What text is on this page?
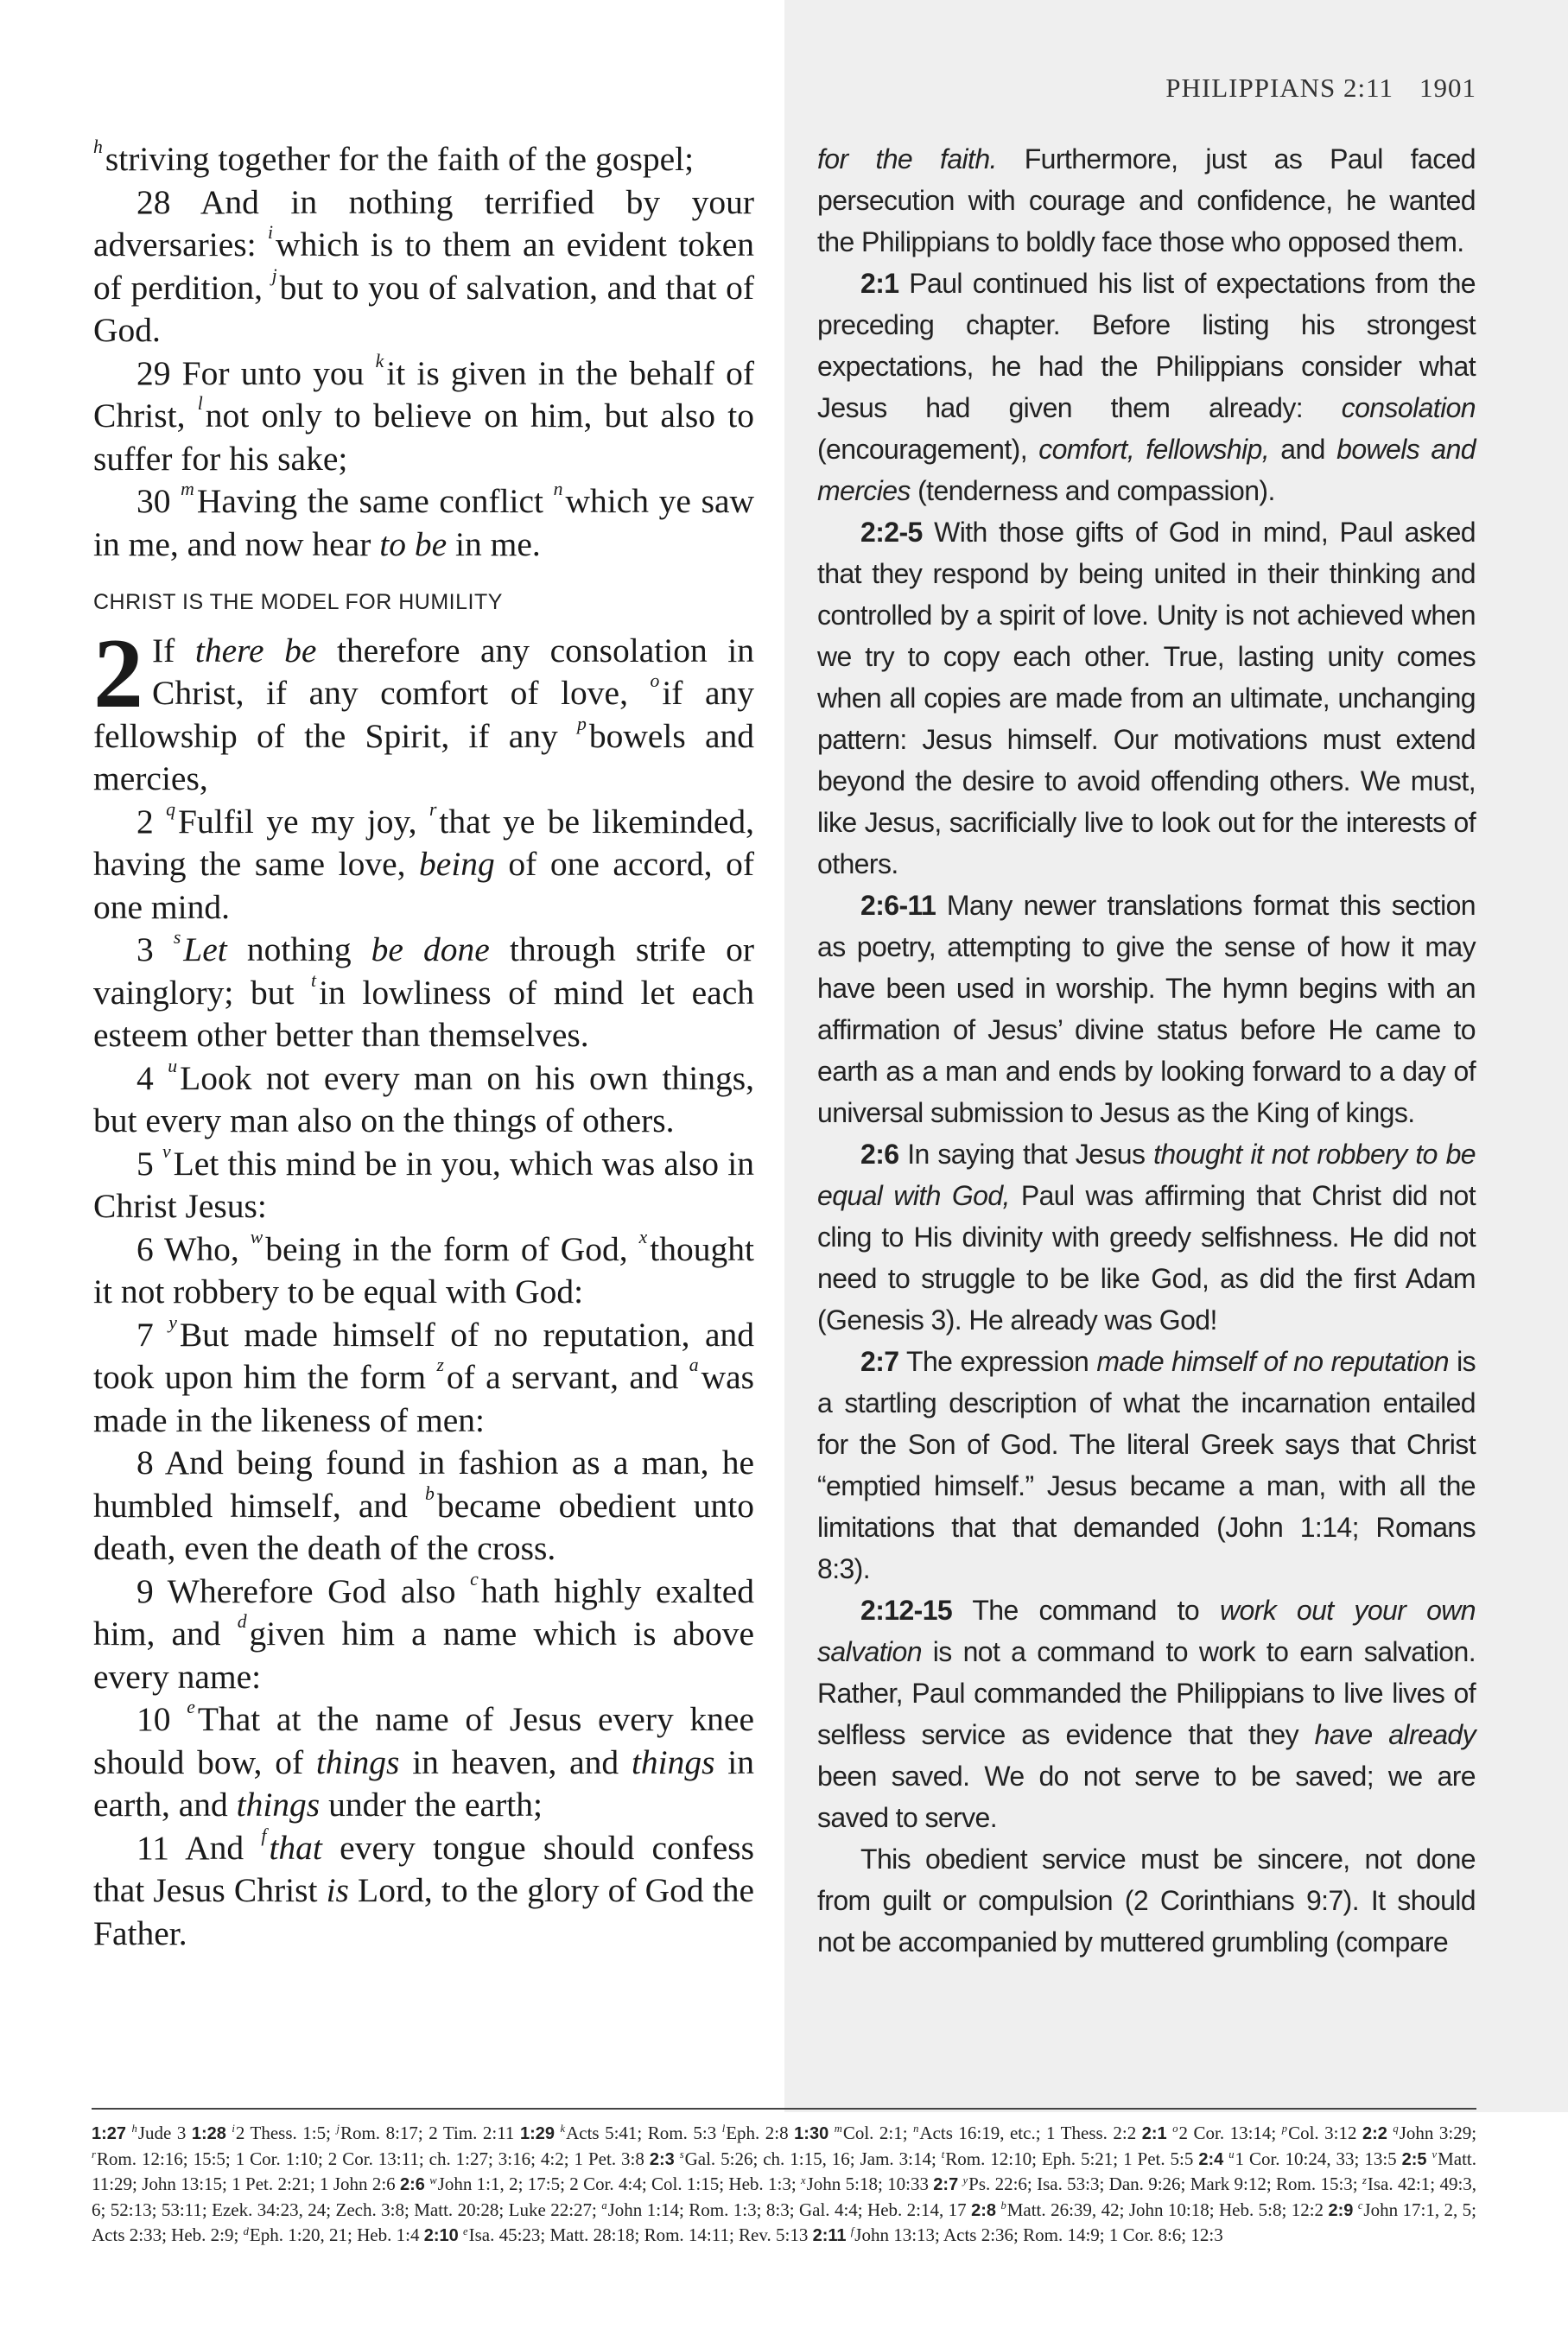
PHILIPPIANS 2:11 1901

$^h$striving together for the faith of the gospel;

28 And in nothing terrified by your adversaries: $^i$which is to them an evident token of perdition, $^j$but to you of salvation, and that of God.

29 For unto you $^k$it is given in the behalf of Christ, $^l$not only to believe on him, but also to suffer for his sake;

30 $^m$Having the same conflict $^n$which ye saw in me, and now hear to be in me.

CHRIST IS THE MODEL FOR HUMILITY

2 If there be therefore any consolation in Christ, if any comfort of love, $^o$if any fellowship of the Spirit, if any $^p$bowels and mercies,

2 $^q$Fulfil ye my joy, $^r$that ye be likeminded, having the same love, being of one accord, of one mind.

3 $^s$Let nothing be done through strife or vainglory; but $^t$in lowliness of mind let each esteem other better than themselves.

4 $^u$Look not every man on his own things, but every man also on the things of others.

5 $^v$Let this mind be in you, which was also in Christ Jesus:

6 Who, $^w$being in the form of God, $^x$thought it not robbery to be equal with God:

7 $^y$But made himself of no reputation, and took upon him the form $^z$of a servant, and $^a$was made in the likeness of men:

8 And being found in fashion as a man, he humbled himself, and $^b$became obedient unto death, even the death of the cross.

9 Wherefore God also $^c$hath highly exalted him, and $^d$given him a name which is above every name:

10 $^e$That at the name of Jesus every knee should bow, of things in heaven, and things in earth, and things under the earth;

11 And $^f$that every tongue should confess that Jesus Christ is Lord, to the glory of God the Father.

for the faith. Furthermore, just as Paul faced persecution with courage and confidence, he wanted the Philippians to boldly face those who opposed them.

2:1 Paul continued his list of expectations from the preceding chapter. Before listing his strongest expectations, he had the Philippians consider what Jesus had given them already: consolation (encouragement), comfort, fellowship, and bowels and mercies (tenderness and compassion).

2:2-5 With those gifts of God in mind, Paul asked that they respond by being united in their thinking and controlled by a spirit of love. Unity is not achieved when we try to copy each other. True, lasting unity comes when all copies are made from an ultimate, unchanging pattern: Jesus himself. Our motivations must extend beyond the desire to avoid offending others. We must, like Jesus, sacrificially live to look out for the interests of others.

2:6-11 Many newer translations format this section as poetry, attempting to give the sense of how it may have been used in worship. The hymn begins with an affirmation of Jesus’ divine status before He came to earth as a man and ends by looking forward to a day of universal submission to Jesus as the King of kings.

2:6 In saying that Jesus thought it not robbery to be equal with God, Paul was affirming that Christ did not cling to His divinity with greedy selfishness. He did not need to struggle to be like God, as did the first Adam (Genesis 3). He already was God!

2:7 The expression made himself of no reputation is a startling description of what the incarnation entailed for the Son of God. The literal Greek says that Christ “emptied himself.” Jesus became a man, with all the limitations that that demanded (John 1:14; Romans 8:3).

2:12-15 The command to work out your own salvation is not a command to work to earn salvation. Rather, Paul commanded the Philippians to live lives of selfless service as evidence that they have already been saved. We do not serve to be saved; we are saved to serve.

This obedient service must be sincere, not done from guilt or compulsion (2 Corinthians 9:7). It should not be accompanied by muttered grumbling (compare

1:27 $^h$Jude 3 1:28 $^i$2 Thess. 1:5; $^j$Rom. 8:17; 2 Tim. 2:11 1:29 $^k$Acts 5:41; Rom. 5:3 $^l$Eph. 2:8 1:30 $^m$Col. 2:1; $^n$Acts 16:19, etc.; 1 Thess. 2:2 2:1 $^o$2 Cor. 13:14; $^p$Col. 3:12 2:2 $^q$John 3:29; $^r$Rom. 12:16; 15:5; 1 Cor. 1:10; 2 Cor. 13:11; ch. 1:27; 3:16; 4:2; 1 Pet. 3:8 2:3 $^s$Gal. 5:26; ch. 1:15, 16; Jam. 3:14; $^t$Rom. 12:10; Eph. 5:21; 1 Pet. 5:5 2:4 $^u$1 Cor. 10:24, 33; 13:5 2:5 $^v$Matt. 11:29; John 13:15; 1 Pet. 2:21; 1 John 2:6 2:6 $^w$John 1:1, 2; 17:5; 2 Cor. 4:4; Col. 1:15; Heb. 1:3; $^x$John 5:18; 10:33 2:7 $^y$Ps. 22:6; Isa. 53:3; Dan. 9:26; Mark 9:12; Rom. 15:3; $^z$Isa. 42:1; 49:3, 6; 52:13; 53:11; Ezek. 34:23, 24; Zech. 3:8; Matt. 20:28; Luke 22:27; $^a$John 1:14; Rom. 1:3; 8:3; Gal. 4:4; Heb. 2:14, 17 2:8 $^b$Matt. 26:39, 42; John 10:18; Heb. 5:8; 12:2 2:9 $^c$John 17:1, 2, 5; Acts 2:33; Heb. 2:9; $^d$Eph. 1:20, 21; Heb. 1:4 2:10 $^e$Isa. 45:23; Matt. 28:18; Rom. 14:11; Rev. 5:13 2:11 $^f$John 13:13; Acts 2:36; Rom. 14:9; 1 Cor. 8:6; 12:3
